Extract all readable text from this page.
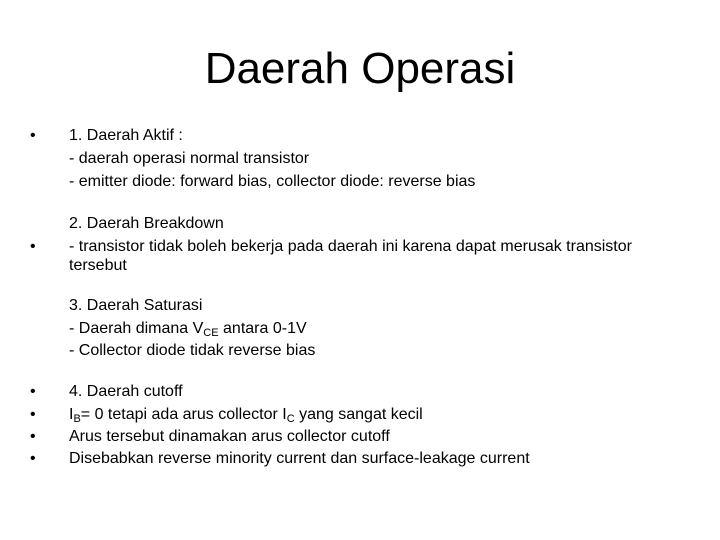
Daerah Operasi
• 1. Daerah Aktif :
- daerah operasi normal transistor
- emitter diode: forward bias, collector diode: reverse bias
2. Daerah Breakdown
• - transistor tidak boleh bekerja pada daerah ini karena dapat merusak transistor
tersebut
3. Daerah Saturasi
- Daerah dimana $V_{CE}$ antara 0-1V
- Collector diode tidak reverse bias
• 4. Daerah cutoff
• $I_B= 0$ tetapi ada arus collector $I_C$ yang sangat kecil
• Arus tersebut dinamakan arus collector cutoff
• Disebabkan reverse minority current dan surface-leakage current
